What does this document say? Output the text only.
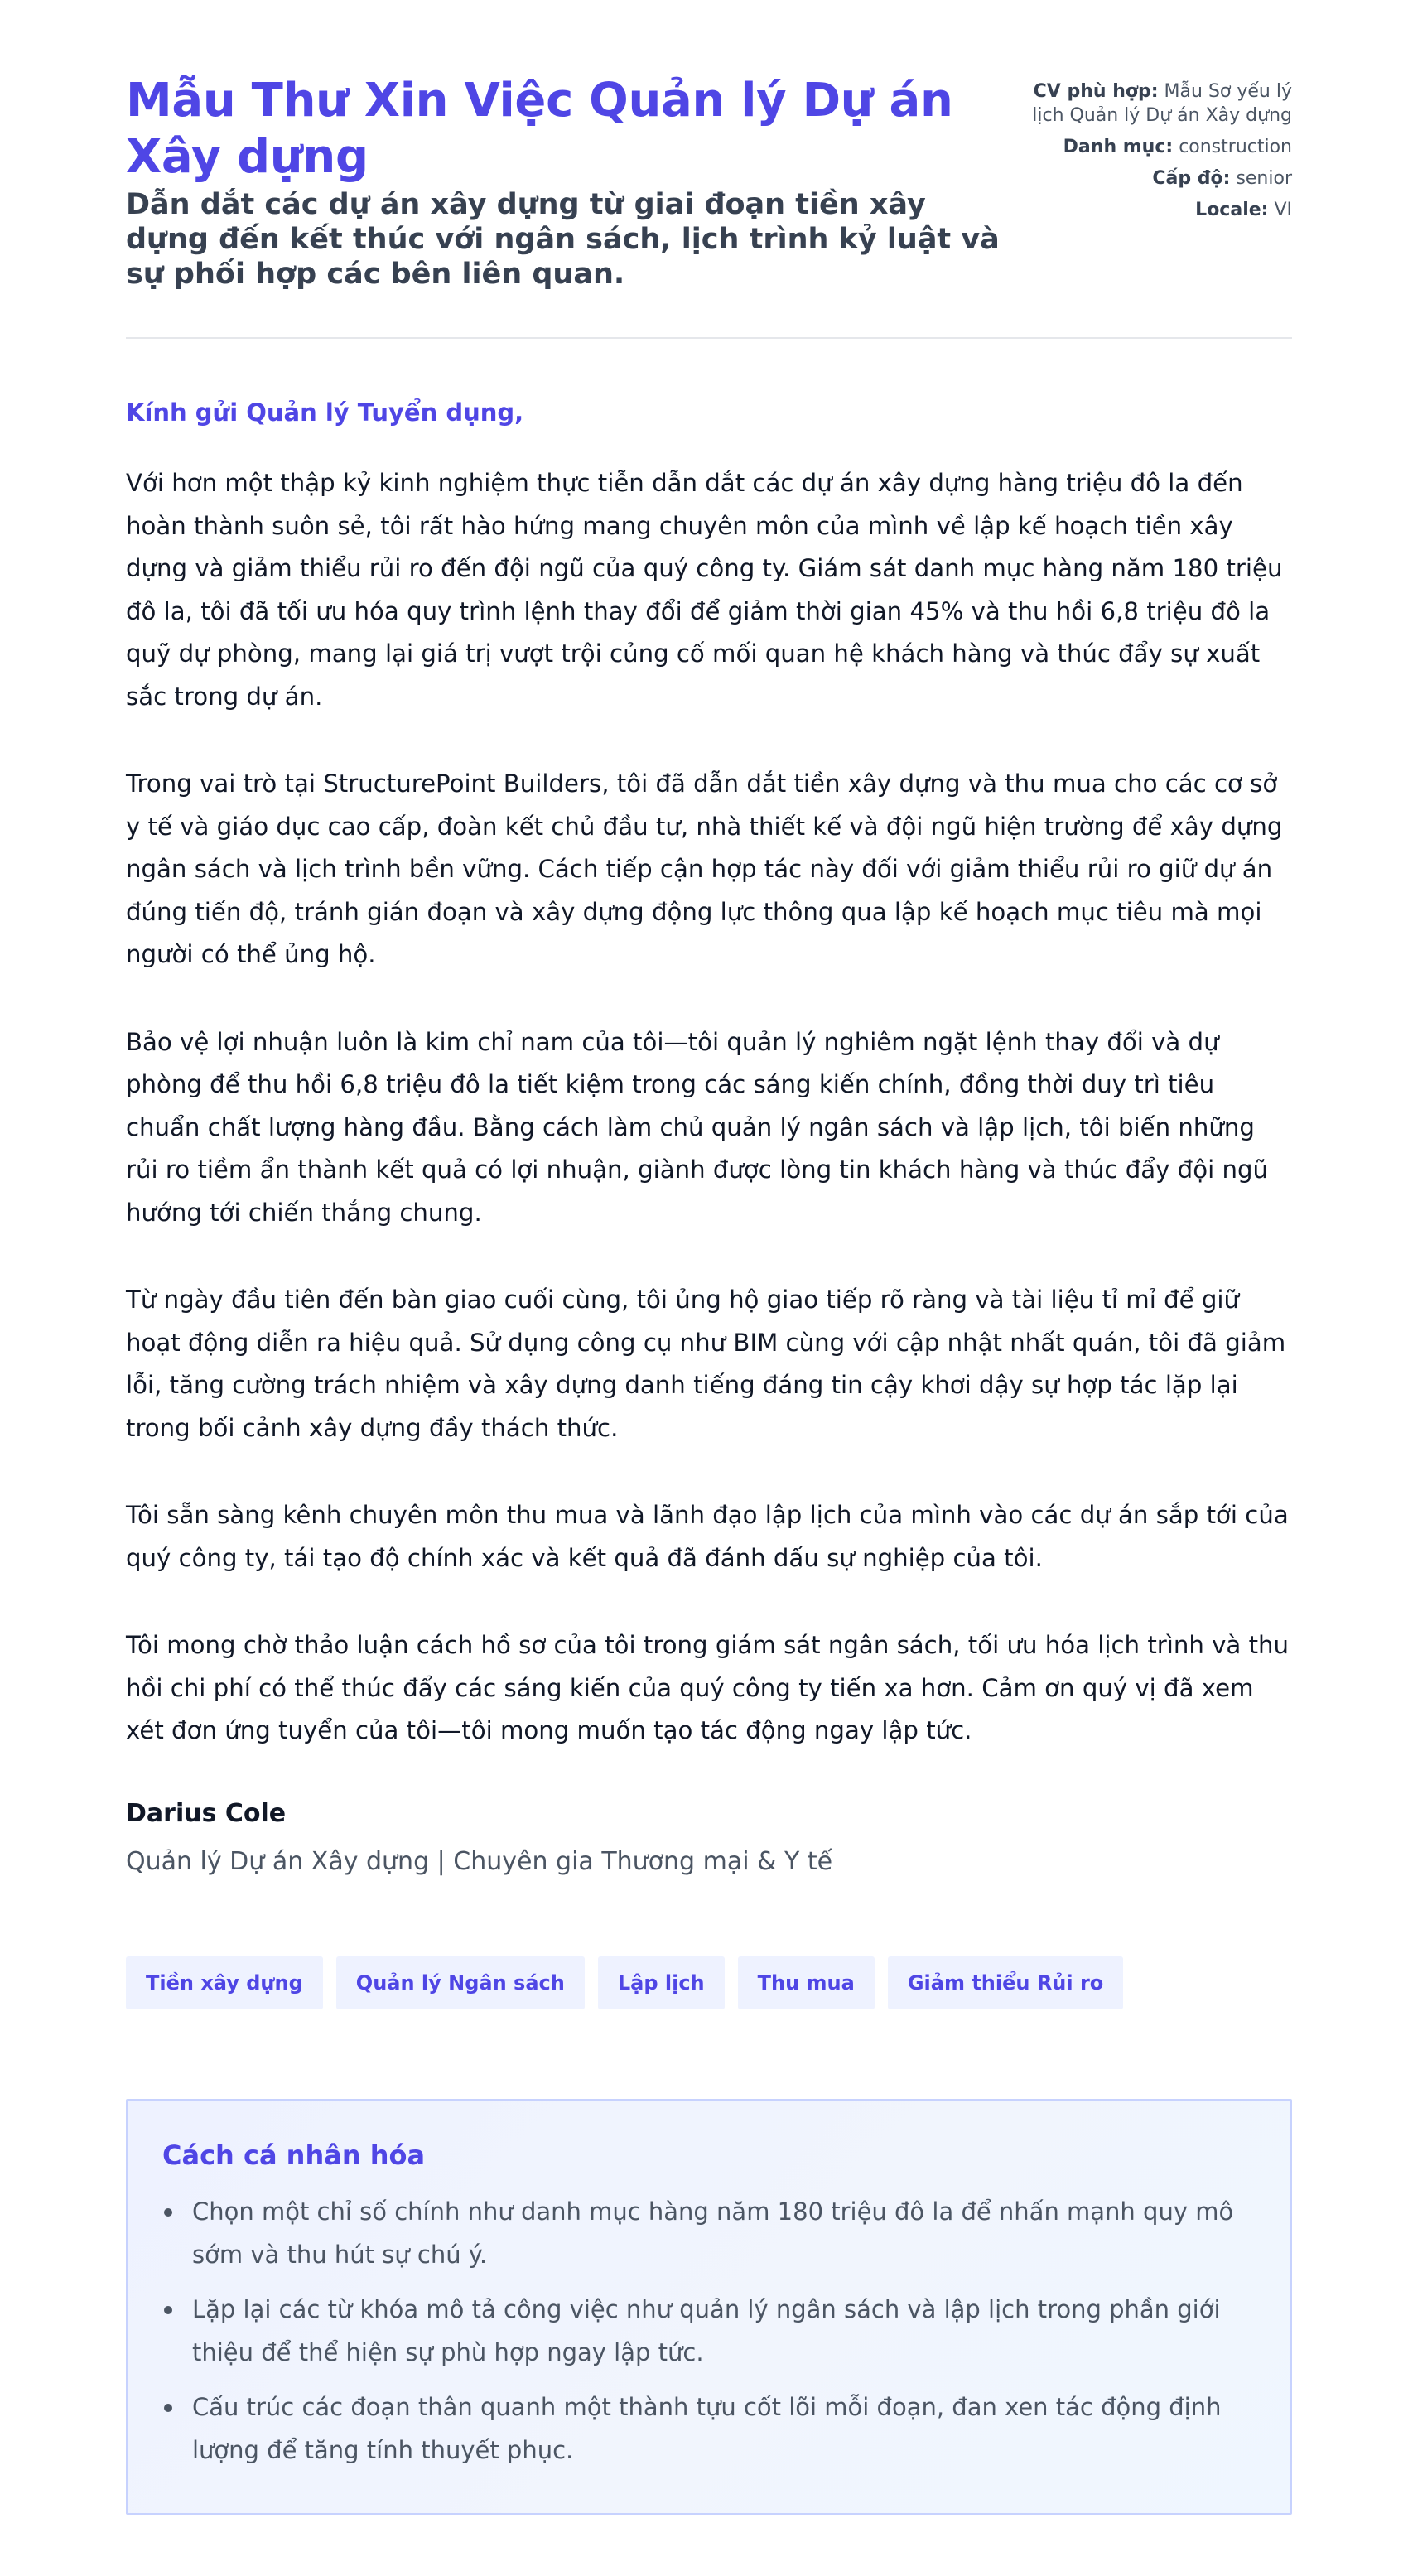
Mẫu Thư Xin Việc Quản lý Dự án Xây dựng
Dẫn dắt các dự án xây dựng từ giai đoạn tiền xây dựng đến kết thúc với ngân sách, lịch trình kỷ luật và sự phối hợp các bên liên quan.
CV phù hợp: Mẫu Sơ yếu lý lịch Quản lý Dự án Xây dựng
Danh mục: construction
Cấp độ: senior
Locale: VI
Kính gửi Quản lý Tuyển dụng,

Với hơn một thập kỷ kinh nghiệm thực tiễn dẫn dắt các dự án xây dựng hàng triệu đô la đến hoàn thành suôn sẻ, tôi rất hào hứng mang chuyên môn của mình về lập kế hoạch tiền xây dựng và giảm thiểu rủi ro đến đội ngũ của quý công ty. Giám sát danh mục hàng năm 180 triệu đô la, tôi đã tối ưu hóa quy trình lệnh thay đổi để giảm thời gian 45% và thu hồi 6,8 triệu đô la quỹ dự phòng, mang lại giá trị vượt trội củng cố mối quan hệ khách hàng và thúc đẩy sự xuất sắc trong dự án.

Trong vai trò tại StructurePoint Builders, tôi đã dẫn dắt tiền xây dựng và thu mua cho các cơ sở y tế và giáo dục cao cấp, đoàn kết chủ đầu tư, nhà thiết kế và đội ngũ hiện trường để xây dựng ngân sách và lịch trình bền vững. Cách tiếp cận hợp tác này đối với giảm thiểu rủi ro giữ dự án đúng tiến độ, tránh gián đoạn và xây dựng động lực thông qua lập kế hoạch mục tiêu mà mọi người có thể ủng hộ.

Bảo vệ lợi nhuận luôn là kim chỉ nam của tôi—tôi quản lý nghiêm ngặt lệnh thay đổi và dự phòng để thu hồi 6,8 triệu đô la tiết kiệm trong các sáng kiến chính, đồng thời duy trì tiêu chuẩn chất lượng hàng đầu. Bằng cách làm chủ quản lý ngân sách và lập lịch, tôi biến những rủi ro tiềm ẩn thành kết quả có lợi nhuận, giành được lòng tin khách hàng và thúc đẩy đội ngũ hướng tới chiến thắng chung.

Từ ngày đầu tiên đến bàn giao cuối cùng, tôi ủng hộ giao tiếp rõ ràng và tài liệu tỉ mỉ để giữ hoạt động diễn ra hiệu quả. Sử dụng công cụ như BIM cùng với cập nhật nhất quán, tôi đã giảm lỗi, tăng cường trách nhiệm và xây dựng danh tiếng đáng tin cậy khơi dậy sự hợp tác lặp lại trong bối cảnh xây dựng đầy thách thức.

Tôi sẵn sàng kênh chuyên môn thu mua và lãnh đạo lập lịch của mình vào các dự án sắp tới của quý công ty, tái tạo độ chính xác và kết quả đã đánh dấu sự nghiệp của tôi.

Tôi mong chờ thảo luận cách hồ sơ của tôi trong giám sát ngân sách, tối ưu hóa lịch trình và thu hồi chi phí có thể thúc đẩy các sáng kiến của quý công ty tiến xa hơn. Cảm ơn quý vị đã xem xét đơn ứng tuyển của tôi—tôi mong muốn tạo tác động ngay lập tức.

Darius Cole
Quản lý Dự án Xây dựng | Chuyên gia Thương mại & Y tế
Tiền xây dựng	Quản lý Ngân sách	Lập lịch	Thu mua	Giảm thiểu Rủi ro
Cách cá nhân hóa
Chọn một chỉ số chính như danh mục hàng năm 180 triệu đô la để nhấn mạnh quy mô sớm và thu hút sự chú ý.
Lặp lại các từ khóa mô tả công việc như quản lý ngân sách và lập lịch trong phần giới thiệu để thể hiện sự phù hợp ngay lập tức.
Cấu trúc các đoạn thân quanh một thành tựu cốt lõi mỗi đoạn, đan xen tác động định lượng để tăng tính thuyết phục.
